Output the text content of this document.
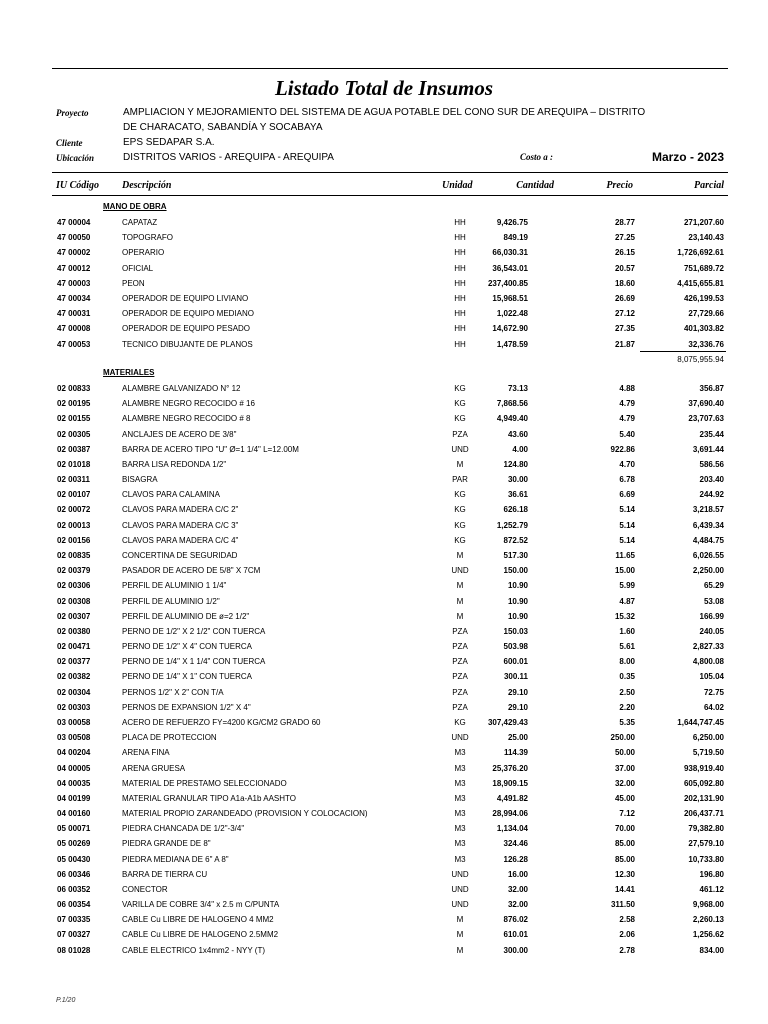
Listado Total de Insumos
Proyecto	AMPLIACION Y MEJORAMIENTO DEL SISTEMA DE AGUA POTABLE DEL CONO SUR DE AREQUIPA – DISTRITO
DE CHARACATO, SABANDÍA Y SOCABAYA
Cliente	EPS SEDAPAR S.A.
Ubicación	DISTRITOS VARIOS - AREQUIPA - AREQUIPA	Costo a :	Marzo - 2023
IU Código Descripción	Unidad	Cantidad	Precio	Parcial
MANO DE OBRA
47 00004	CAPATAZ	HH	9,426.75	28.77	271,207.60
47 00050	TOPOGRAFO	HH	849.19	27.25	23,140.43
47 00002	OPERARIO	HH	66,030.31	26.15	1,726,692.61
47 00012	OFICIAL	HH	36,543.01	20.57	751,689.72
47 00003	PEON	HH	237,400.85	18.60	4,415,655.81
47 00034	OPERADOR DE EQUIPO LIVIANO	HH	15,968.51	26.69	426,199.53
47 00031	OPERADOR DE EQUIPO MEDIANO	HH	1,022.48	27.12	27,729.66
47 00008	OPERADOR DE EQUIPO PESADO	HH	14,672.90	27.35	401,303.82
47 00053	TECNICO DIBUJANTE DE PLANOS	HH	1,478.59	21.87	32,336.76
8,075,955.94
MATERIALES
02 00833	ALAMBRE GALVANIZADO N° 12	KG	73.13	4.88	356.87
02 00195	ALAMBRE NEGRO RECOCIDO # 16	KG	7,868.56	4.79	37,690.40
02 00155	ALAMBRE NEGRO RECOCIDO # 8	KG	4,949.40	4.79	23,707.63
02 00305	ANCLAJES DE ACERO DE 3/8"	PZA	43.60	5.40	235.44
02 00387	BARRA DE ACERO TIPO "U" Ø=1 1/4" L=12.00M	UND	4.00	922.86	3,691.44
02 01018	BARRA LISA REDONDA 1/2"	M	124.80	4.70	586.56
02 00311	BISAGRA	PAR	30.00	6.78	203.40
02 00107	CLAVOS PARA CALAMINA	KG	36.61	6.69	244.92
02 00072	CLAVOS PARA MADERA C/C 2"	KG	626.18	5.14	3,218.57
02 00013	CLAVOS PARA MADERA C/C 3"	KG	1,252.79	5.14	6,439.34
02 00156	CLAVOS PARA MADERA C/C 4"	KG	872.52	5.14	4,484.75
02 00835	CONCERTINA DE SEGURIDAD	M	517.30	11.65	6,026.55
02 00379	PASADOR DE ACERO DE 5/8" X 7CM	UND	150.00	15.00	2,250.00
02 00306	PERFIL DE ALUMINIO 1 1/4"	M	10.90	5.99	65.29
02 00308	PERFIL DE ALUMINIO 1/2"	M	10.90	4.87	53.08
02 00307	PERFIL DE ALUMINIO DE ø=2 1/2"	M	10.90	15.32	166.99
02 00380	PERNO DE 1/2" X 2 1/2" CON TUERCA	PZA	150.03	1.60	240.05
02 00471	PERNO DE 1/2" X 4" CON TUERCA	PZA	503.98	5.61	2,827.33
02 00377	PERNO DE 1/4" X 1 1/4" CON TUERCA	PZA	600.01	8.00	4,800.08
02 00382	PERNO DE 1/4" X 1" CON TUERCA	PZA	300.11	0.35	105.04
02 00304	PERNOS 1/2" X 2" CON T/A	PZA	29.10	2.50	72.75
02 00303	PERNOS DE EXPANSION 1/2" X 4"	PZA	29.10	2.20	64.02
03 00058	ACERO DE REFUERZO FY=4200 KG/CM2 GRADO 60	KG	307,429.43	5.35	1,644,747.45
03 00508	PLACA DE PROTECCION	UND	25.00	250.00	6,250.00
04 00204	ARENA FINA	M3	114.39	50.00	5,719.50
04 00005	ARENA GRUESA	M3	25,376.20	37.00	938,919.40
04 00035	MATERIAL DE PRESTAMO SELECCIONADO	M3	18,909.15	32.00	605,092.80
04 00199	MATERIAL GRANULAR TIPO A1a-A1b AASHTO	M3	4,491.82	45.00	202,131.90
04 00160	MATERIAL PROPIO ZARANDEADO (PROVISION Y COLOCACION)	M3	28,994.06	7.12	206,437.71
05 00071	PIEDRA CHANCADA DE 1/2"-3/4"	M3	1,134.04	70.00	79,382.80
05 00269	PIEDRA GRANDE DE 8"	M3	324.46	85.00	27,579.10
05 00430	PIEDRA MEDIANA DE 6" A 8"	M3	126.28	85.00	10,733.80
06 00346	BARRA DE TIERRA CU	UND	16.00	12.30	196.80
06 00352	CONECTOR	UND	32.00	14.41	461.12
06 00354	VARILLA DE COBRE 3/4" x 2.5 m C/PUNTA	UND	32.00	311.50	9,968.00
07 00335	CABLE Cu LIBRE DE HALOGENO 4 MM2	M	876.02	2.58	2,260.13
07 00327	CABLE Cu LIBRE DE HALOGENO 2.5MM2	M	610.01	2.06	1,256.62
08 01028	CABLE ELECTRICO 1x4mm2 - NYY (T)	M	300.00	2.78	834.00
P.1/20
